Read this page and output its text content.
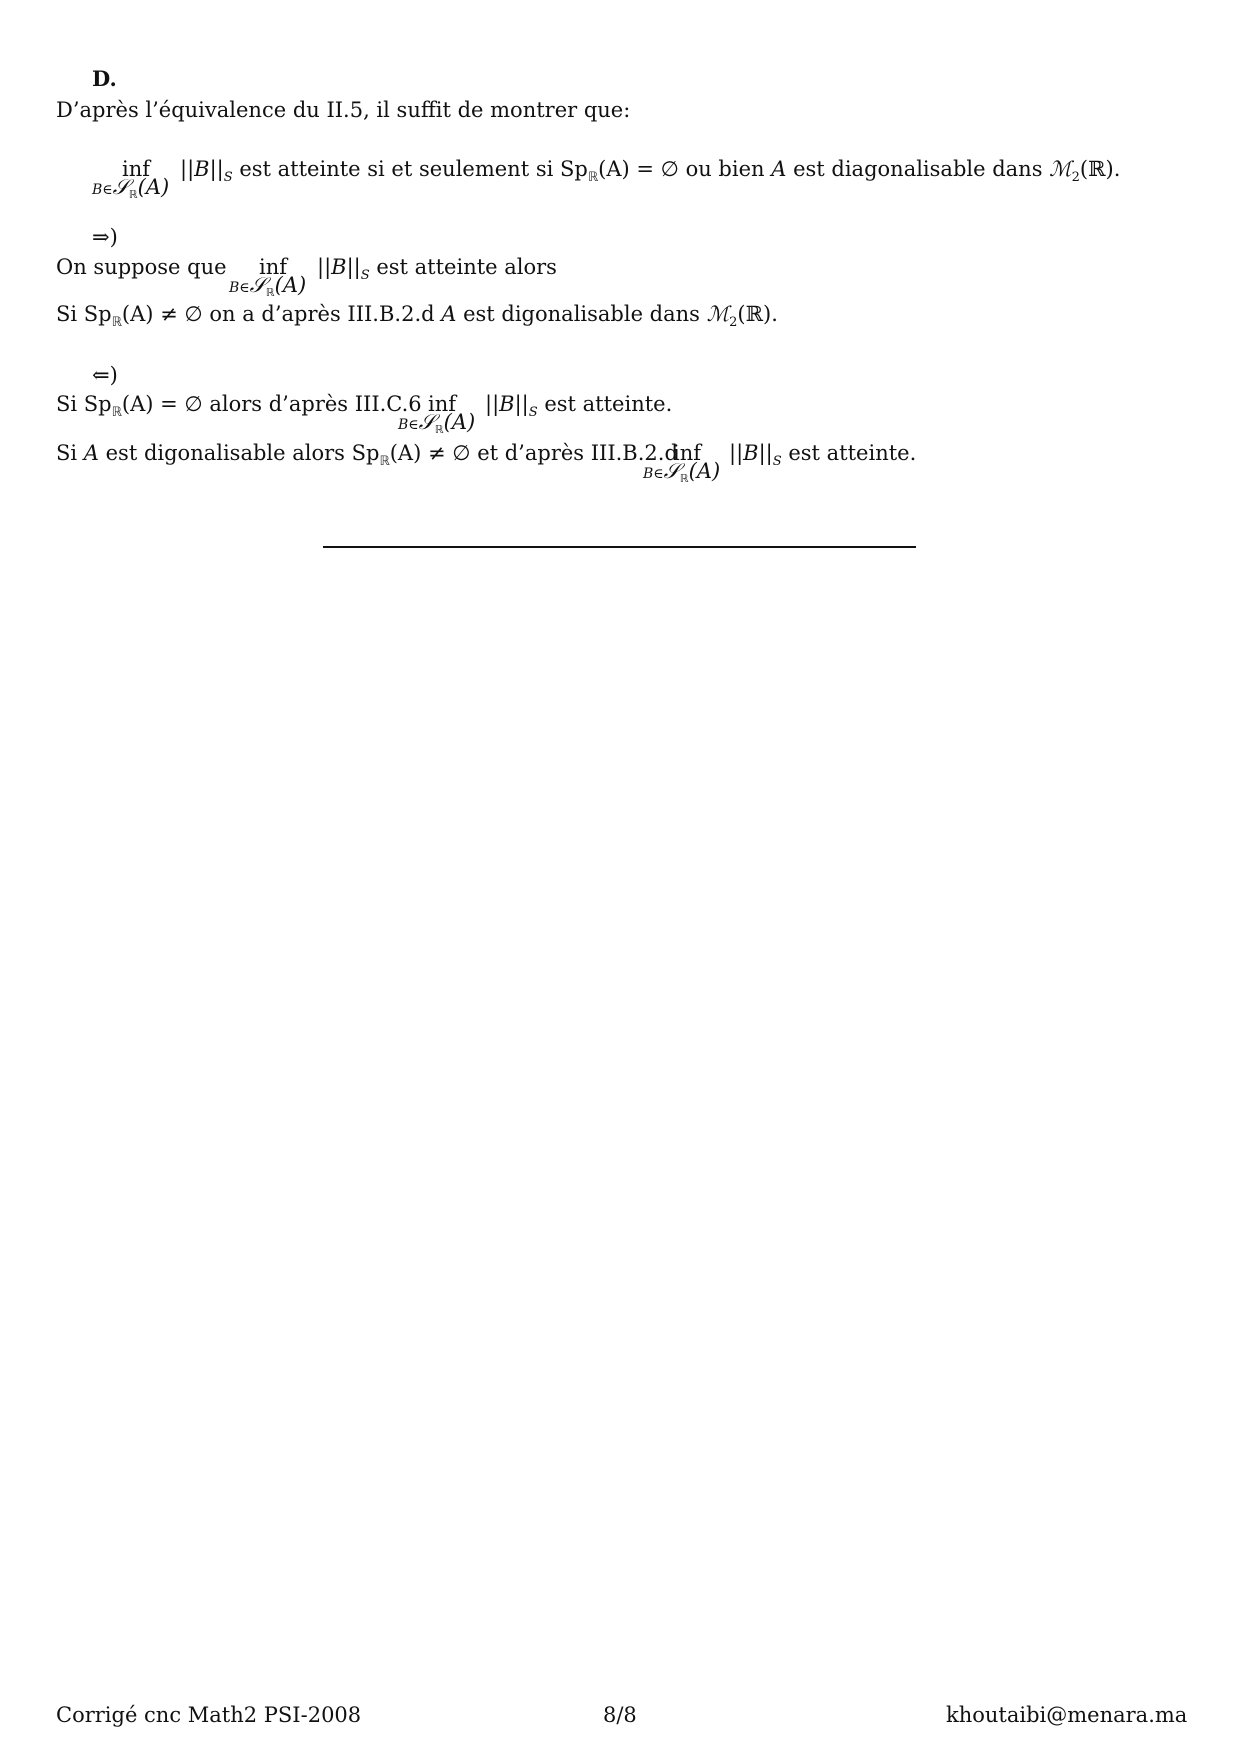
D.
D’après l’équivalence du II.5, il suffit de montrer que:
inf
B∈𝒮$_ℝ$(A)
$||B||_S$ est atteinte si et seulement si $Sp_ℝ(A)$ = ∅ ou bien A est diagonalisable dans ℳ$_2$(ℝ).
⇒)
On suppose que inf
B∈𝒮$_ℝ$(A)
$||B||_S$ est atteinte alors
Si $Sp_ℝ(A)$ ≠ ∅ on a d’après III.B.2.d A est digonalisable dans ℳ$_2$(ℝ).
⇐)
Si $Sp_ℝ(A)$ = ∅ alors d’après III.C.6 inf
B∈𝒮$_ℝ$(A)
$||B||_S$ est atteinte.
Si A est digonalisable alors $Sp_ℝ(A)$ ≠ ∅ et d’après III.B.2.d
inf
B∈𝒮$_ℝ$(A)
$||B||_S$ est atteinte.
Corrigé cnc Math2 PSI-2008	8/8	khoutaibi@menara.ma
